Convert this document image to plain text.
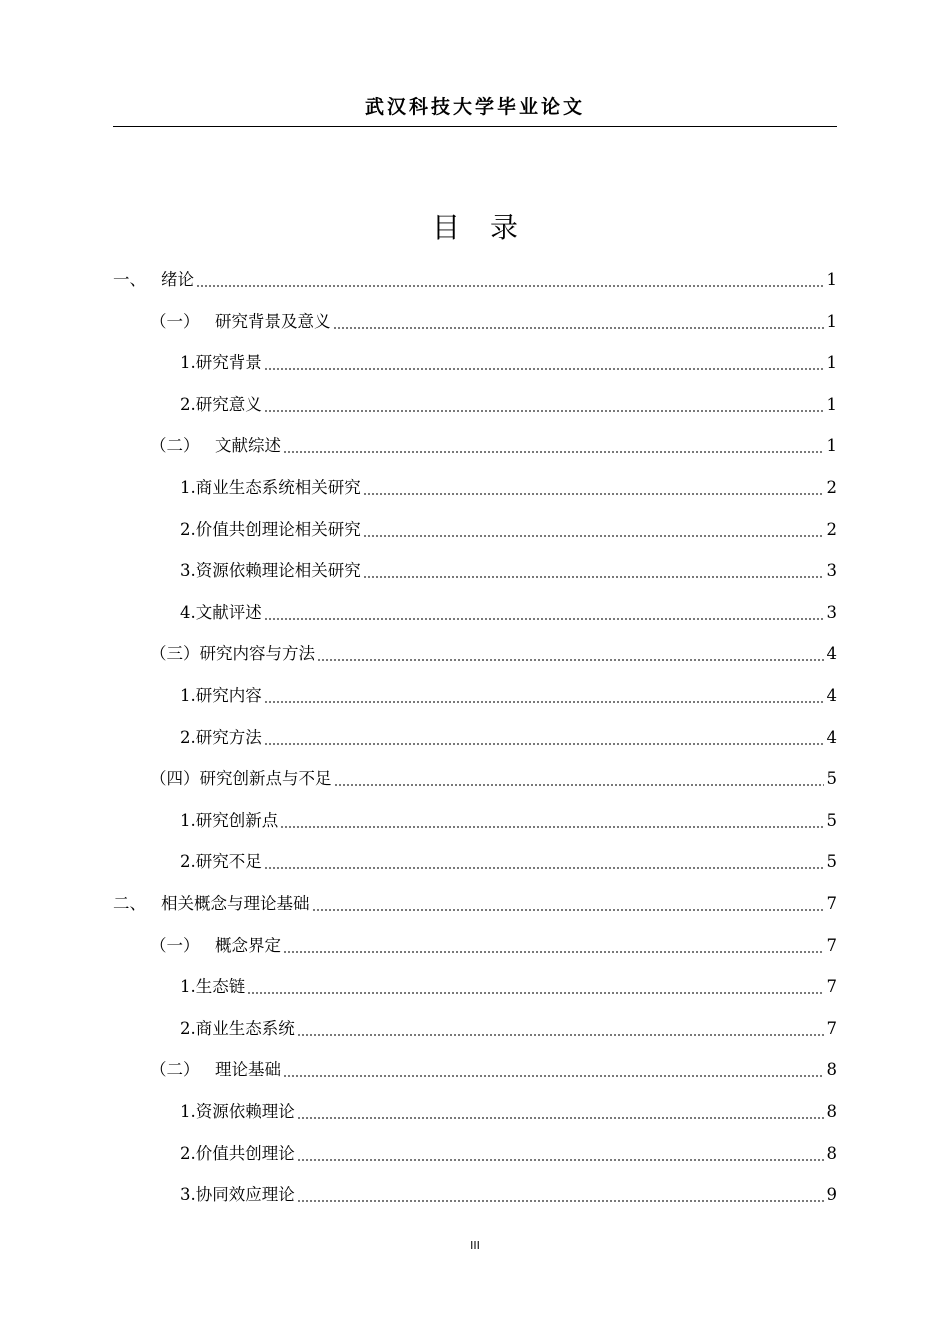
武汉科技大学毕业论文
目 录
一、 绪论	1
（一） 研究背景及意义	1
1.研究背景	1
2.研究意义	1
（二） 文献综述	1
1.商业生态系统相关研究	2
2.价值共创理论相关研究	2
3.资源依赖理论相关研究	3
4.文献评述	3
（三）研究内容与方法	4
1.研究内容	4
2.研究方法	4
（四）研究创新点与不足	5
1.研究创新点	5
2.研究不足	5
二、 相关概念与理论基础	7
（一） 概念界定	7
1.生态链	7
2.商业生态系统	7
（二） 理论基础	8
1.资源依赖理论	8
2.价值共创理论	8
3.协同效应理论	9
III
